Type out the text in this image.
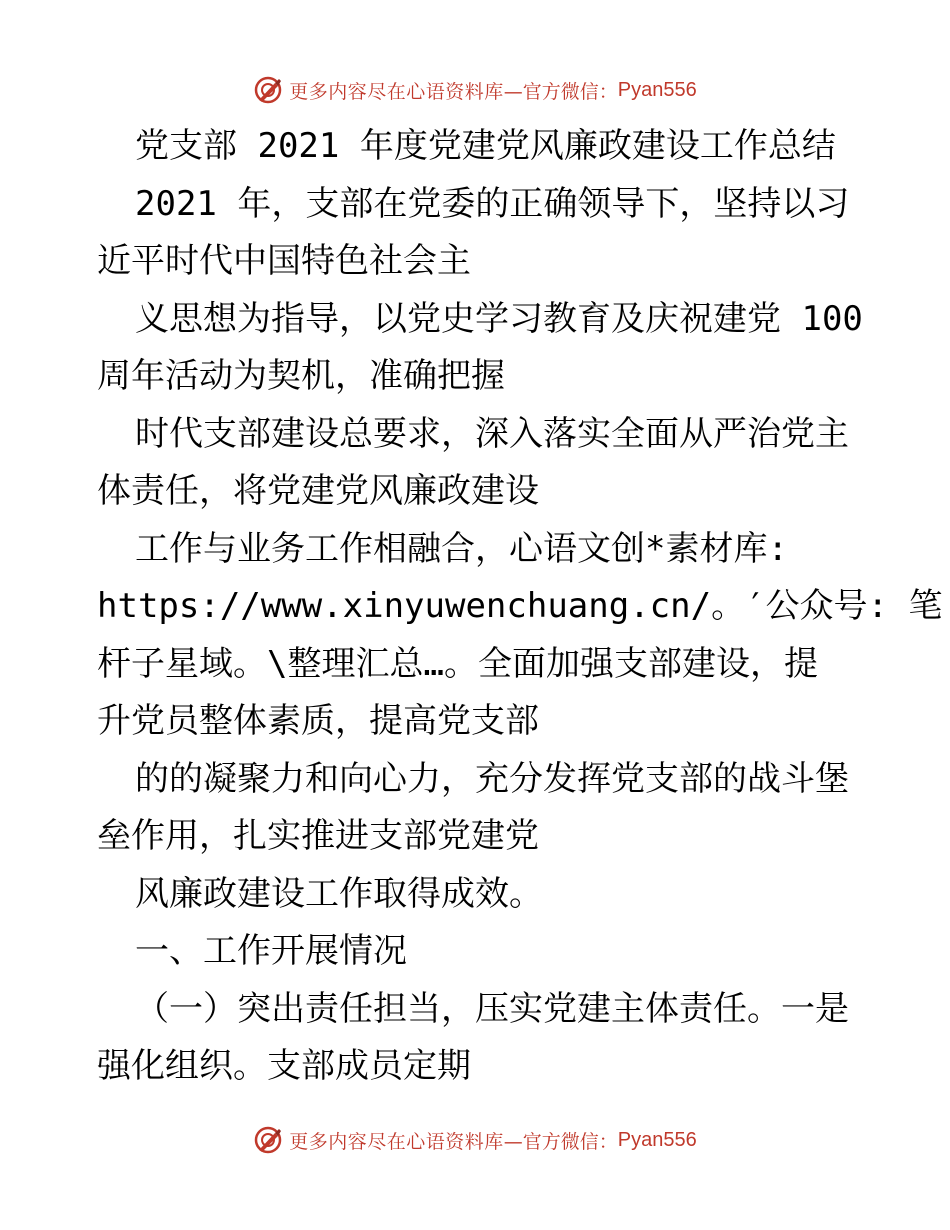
更多内容尽在心语资料库 —官方微信： Pyan556
党支部 2021 年度党建党风廉政建设工作总结
2021 年，支部在党委的正确领导下，坚持以习
近平时代中国特色社会主
义思想为指导，以党史学习教育及庆祝建党 100
周年活动为契机，准确把握
时代支部建设总要求，深入落实全面从严治党主
体责任，将党建党风廉政建设
工作与业务工作相融合，心语文创*素材库:
https://www.xinyuwenchuang.cn/。′公众号: 笔
杆子星域。\整理汇总…。全面加强支部建设，提
升党员整体素质，提高党支部
的的凝聚力和向心力，充分发挥党支部的战斗堡
垒作用，扎实推进支部党建党
风廉政建设工作取得成效。
一、工作开展情况
（一）突出责任担当，压实党建主体责任。一是
强化组织。支部成员定期
更多内容尽在心语资料库 —官方微信： Pyan556
